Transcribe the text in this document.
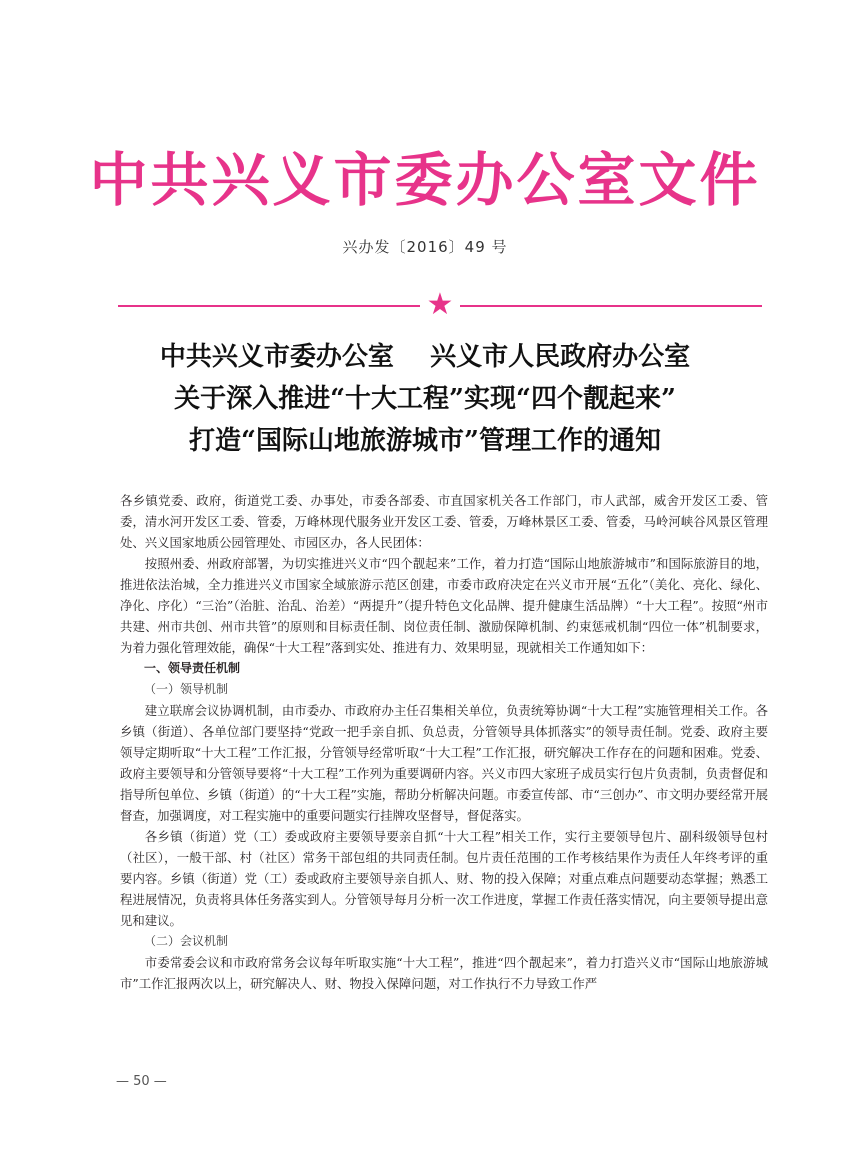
中共兴义市委办公室文件
兴办发〔2016〕49 号
★
中共兴义市委办公室    兴义市人民政府办公室
关于深入推进“十大工程”实现“四个靓起来”
打造“国际山地旅游城市”管理工作的通知

各乡镇党委、政府，街道党工委、办事处，市委各部委、市直国家机关各工作部门，市人武部，威舍开发区工委、管委，清水河开发区工委、管委，万峰林现代服务业开发区工委、管委，万峰林景区工委、管委，马岭河峡谷风景区管理处、兴义国家地质公园管理处、市园区办，各人民团体：

按照州委、州政府部署，为切实推进兴义市“四个靓起来”工作，着力打造“国际山地旅游城市”和国际旅游目的地，推进依法治城，全力推进兴义市国家全域旅游示范区创建，市委市政府决定在兴义市开展“五化”（美化、亮化、绿化、净化、序化）“三治”（治脏、治乱、治差）“两提升”（提升特色文化品牌、提升健康生活品牌）“十大工程”。按照“州市共建、州市共创、州市共管”的原则和目标责任制、岗位责任制、激励保障机制、约束惩戒机制“四位一体”机制要求，为着力强化管理效能，确保“十大工程”落到实处、推进有力、效果明显，现就相关工作通知如下：

一、领导责任机制

（一）领导机制

建立联席会议协调机制，由市委办、市政府办主任召集相关单位，负责统筹协调“十大工程”实施管理相关工作。各乡镇（街道）、各单位部门要坚持“党政一把手亲自抓、负总责，分管领导具体抓落实”的领导责任制。党委、政府主要领导定期听取“十大工程”工作汇报，分管领导经常听取“十大工程”工作汇报，研究解决工作存在的问题和困难。党委、政府主要领导和分管领导要将“十大工程”工作列为重要调研内容。兴义市四大家班子成员实行包片负责制，负责督促和指导所包单位、乡镇（街道）的“十大工程”实施，帮助分析解决问题。市委宣传部、市“三创办”、市文明办要经常开展督查，加强调度，对工程实施中的重要问题实行挂牌攻坚督导，督促落实。

各乡镇（街道）党（工）委或政府主要领导要亲自抓“十大工程”相关工作，实行主要领导包片、副科级领导包村（社区），一般干部、村（社区）常务干部包组的共同责任制。包片责任范围的工作考核结果作为责任人年终考评的重要内容。乡镇（街道）党（工）委或政府主要领导亲自抓人、财、物的投入保障；对重点难点问题要动态掌握；熟悉工程进展情况，负责将具体任务落实到人。分管领导每月分析一次工作进度，掌握工作责任落实情况，向主要领导提出意见和建议。

（二）会议机制

市委常委会议和市政府常务会议每年听取实施“十大工程”，推进“四个靓起来”，着力打造兴义市“国际山地旅游城市”工作汇报两次以上，研究解决人、财、物投入保障问题，对工作执行不力导致工作严

— 50 —
